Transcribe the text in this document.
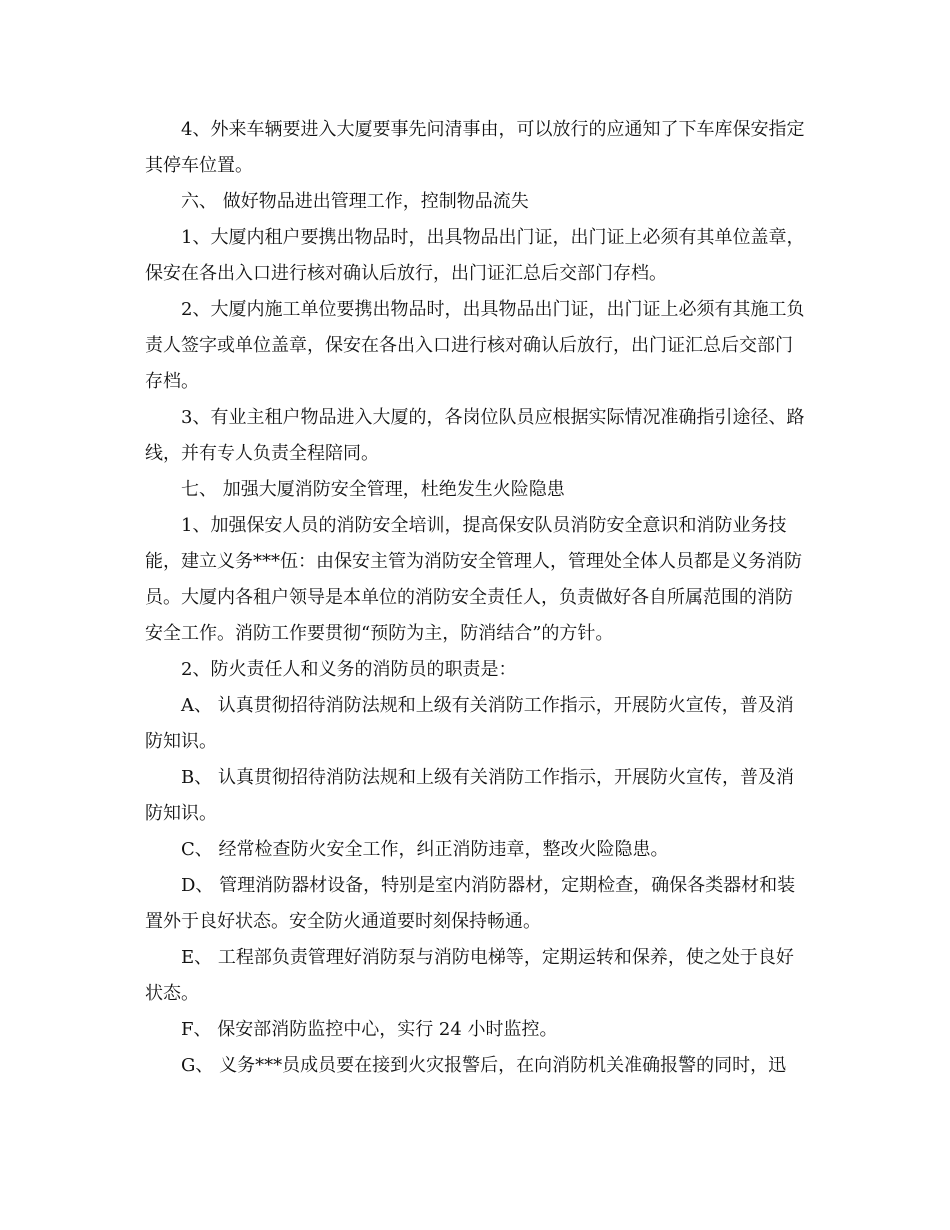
4、外来车辆要进入大厦要事先问清事由，可以放行的应通知了下车库保安指定其停车位置。

六、 做好物品进出管理工作，控制物品流失

1、大厦内租户要携出物品时，出具物品出门证，出门证上必须有其单位盖章，保安在各出入口进行核对确认后放行，出门证汇总后交部门存档。

2、大厦内施工单位要携出物品时，出具物品出门证，出门证上必须有其施工负责人签字或单位盖章，保安在各出入口进行核对确认后放行，出门证汇总后交部门存档。

3、有业主租户物品进入大厦的，各岗位队员应根据实际情况准确指引途径、路线，并有专人负责全程陪同。

七、 加强大厦消防安全管理，杜绝发生火险隐患

1、加强保安人员的消防安全培训，提高保安队员消防安全意识和消防业务技能，建立义务***伍：由保安主管为消防安全管理人，管理处全体人员都是义务消防员。大厦内各租户领导是本单位的消防安全责任人，负责做好各自所属范围的消防安全工作。消防工作要贯彻“预防为主，防消结合”的方针。

2、防火责任人和义务的消防员的职责是：

A、 认真贯彻招待消防法规和上级有关消防工作指示，开展防火宣传，普及消防知识。

B、 认真贯彻招待消防法规和上级有关消防工作指示，开展防火宣传，普及消防知识。

C、 经常检查防火安全工作，纠正消防违章，整改火险隐患。

D、 管理消防器材设备，特别是室内消防器材，定期检查，确保各类器材和装置外于良好状态。安全防火通道要时刻保持畅通。

E、 工程部负责管理好消防泵与消防电梯等，定期运转和保养，使之处于良好状态。

F、 保安部消防监控中心，实行 24 小时监控。

G、 义务***员成员要在接到火灾报警后，在向消防机关准确报警的同时，迅
